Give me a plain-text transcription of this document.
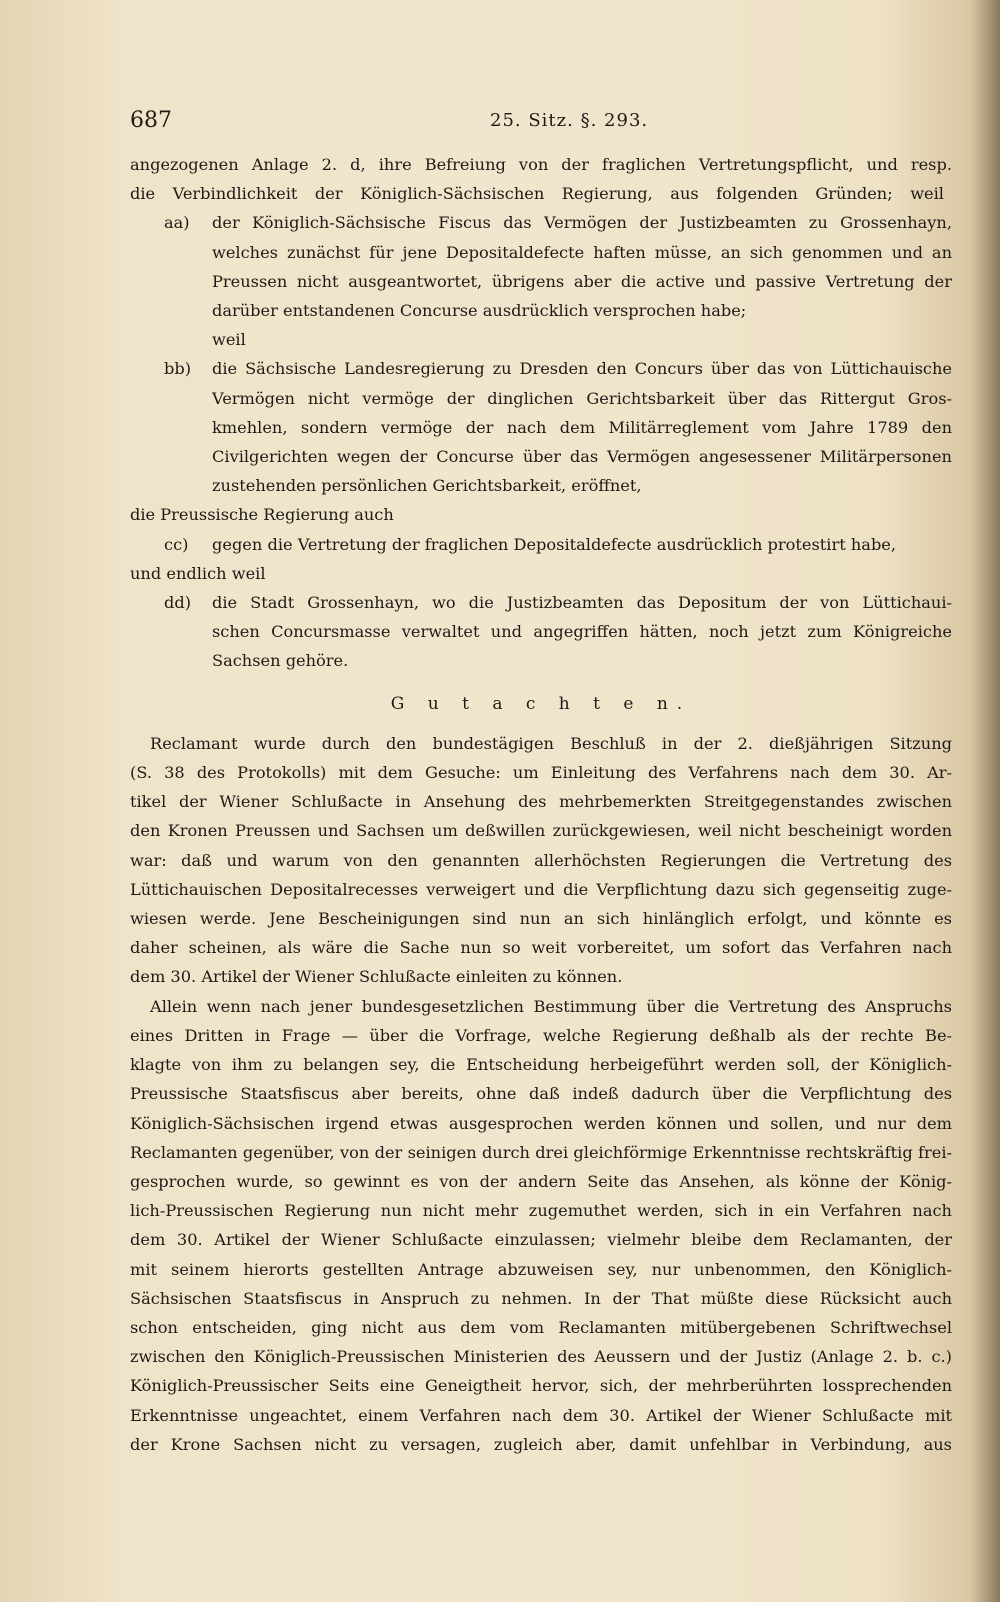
687	25. Sitz. §. 293.
angezogenen Anlage 2. d, ihre Befreiung von der fraglichen Vertretungspflicht, und resp.
die Verbindlichkeit der Königlich-Sächsischen Regierung, aus folgenden Gründen; weil
aa)	der Königlich-Sächsische Fiscus das Vermögen der Justizbeamten zu Grossenhayn,
welches zunächst für jene Depositaldefecte haften müsse, an sich genommen und an
Preussen nicht ausgeantwortet, übrigens aber die active und passive Vertretung der
darüber entstandenen Concurse ausdrücklich versprochen habe;
weil
bb)	die Sächsische Landesregierung zu Dresden den Concurs über das von Lüttichauische
Vermögen nicht vermöge der dinglichen Gerichtsbarkeit über das Rittergut Gros-
kmehlen, sondern vermöge der nach dem Militärreglement vom Jahre 1789 den
Civilgerichten wegen der Concurse über das Vermögen angesessener Militärpersonen
zustehenden persönlichen Gerichtsbarkeit, eröffnet,
die Preussische Regierung auch
cc)	gegen die Vertretung der fraglichen Depositaldefecte ausdrücklich protestirt habe,
und endlich weil
dd)	die Stadt Grossenhayn, wo die Justizbeamten das Depositum der von Lüttichaui-
schen Concursmasse verwaltet und angegriffen hätten, noch jetzt zum Königreiche
Sachsen gehöre.
G u t a c h t e n.
Reclamant wurde durch den bundestägigen Beschluß in der 2. dießjährigen Sitzung
(S. 38 des Protokolls) mit dem Gesuche: um Einleitung des Verfahrens nach dem 30. Ar-
tikel der Wiener Schlußacte in Ansehung des mehrbemerkten Streitgegenstandes zwischen
den Kronen Preussen und Sachsen um deßwillen zurückgewiesen, weil nicht bescheinigt worden
war: daß und warum von den genannten allerhöchsten Regierungen die Vertretung des
Lüttichauischen Depositalrecesses verweigert und die Verpflichtung dazu sich gegenseitig zuge-
wiesen werde. Jene Bescheinigungen sind nun an sich hinlänglich erfolgt, und könnte es
daher scheinen, als wäre die Sache nun so weit vorbereitet, um sofort das Verfahren nach
dem 30. Artikel der Wiener Schlußacte einleiten zu können.
Allein wenn nach jener bundesgesetzlichen Bestimmung über die Vertretung des Anspruchs
eines Dritten in Frage — über die Vorfrage, welche Regierung deßhalb als der rechte Be-
klagte von ihm zu belangen sey, die Entscheidung herbeigeführt werden soll, der Königlich-
Preussische Staatsfiscus aber bereits, ohne daß indeß dadurch über die Verpflichtung des
Königlich-Sächsischen irgend etwas ausgesprochen werden können und sollen, und nur dem
Reclamanten gegenüber, von der seinigen durch drei gleichförmige Erkenntnisse rechtskräftig frei-
gesprochen wurde, so gewinnt es von der andern Seite das Ansehen, als könne der König-
lich-Preussischen Regierung nun nicht mehr zugemuthet werden, sich in ein Verfahren nach
dem 30. Artikel der Wiener Schlußacte einzulassen; vielmehr bleibe dem Reclamanten, der
mit seinem hierorts gestellten Antrage abzuweisen sey, nur unbenommen, den Königlich-
Sächsischen Staatsfiscus in Anspruch zu nehmen. In der That müßte diese Rücksicht auch
schon entscheiden, ging nicht aus dem vom Reclamanten mitübergebenen Schriftwechsel
zwischen den Königlich-Preussischen Ministerien des Aeussern und der Justiz (Anlage 2. b. c.)
Königlich-Preussischer Seits eine Geneigtheit hervor, sich, der mehrberührten lossprechenden
Erkenntnisse ungeachtet, einem Verfahren nach dem 30. Artikel der Wiener Schlußacte mit
der Krone Sachsen nicht zu versagen, zugleich aber, damit unfehlbar in Verbindung, aus
